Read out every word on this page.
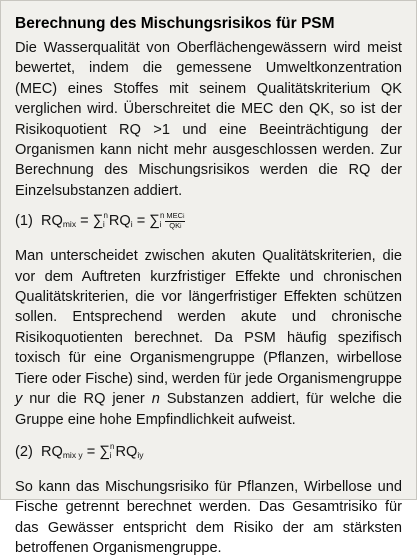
Berechnung des Mischungsrisikos für PSM

Die Wasserqualität von Oberflächengewässern wird meist bewertet, indem die gemessene Umweltkonzentration (MEC) eines Stoffes mit seinem Qualitätskriterium QK verglichen wird. Überschreitet die MEC den QK, so ist der Risikoquotient RQ >1 und eine Beeinträchtigung der Organismen kann nicht mehr ausgeschlossen werden. Zur Berechnung des Mischungsrisikos werden die RQ der Einzelsubstanzen addiert.

(1) $RQ_{mix} = \sum n_i$ $RQ_i = \sum n_i \frac{\text{MECi}}{\text{QKi}}$

Man unterscheidet zwischen akuten Qualitätskriterien, die vor dem Auftreten kurzfristiger Effekte und chronischen Qualitätskriterien, die vor längerfristiger Effekten schützen sollen. Entsprechend werden akute und chronische Risikoquotienten berechnet. Da PSM häufig spezifisch toxisch für eine Organismengruppe (Pflanzen, wirbellose Tiere oder Fische) sind, werden für jede Organismengruppe y nur die RQ jener n Substanzen addiert, für welche die Gruppe eine hohe Empfindlichkeit aufweist.

(2) $RQ_{mix y} = \sum n_i$ $RQ_{iy}$

So kann das Mischungsrisiko für Pflanzen, Wirbellose und Fische getrennt berechnet werden. Das Gesamtrisiko für das Gewässer entspricht dem Risiko der am stärksten betroffenen Organismengruppe.
